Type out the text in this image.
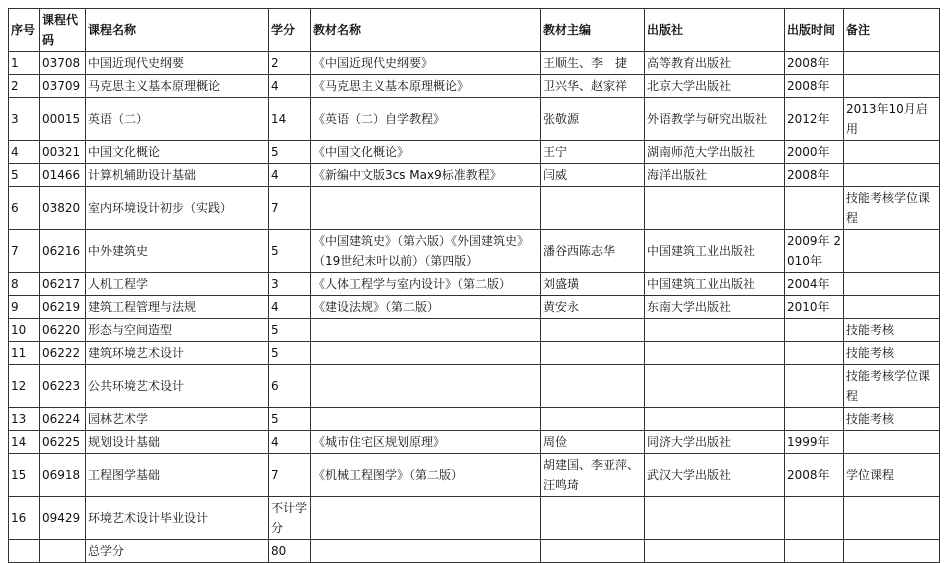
序号	课程代码	课程名称	学分	教材名称	教材主编	出版社	出版时间	备注
1	03708	中国近现代史纲要	2	《中国近现代史纲要》	王顺生、李　捷	高等教育出版社	2008年	
2	03709	马克思主义基本原理概论	4	《马克思主义基本原理概论》	卫兴华、赵家祥	北京大学出版社	2008年	
3	00015	英语（二）	14	《英语（二）自学教程》	张敬源	外语教学与研究出版社	2012年	2013年10月启用
4	00321	中国文化概论	5	《中国文化概论》	王宁	湖南师范大学出版社	2000年	
5	01466	计算机辅助设计基础	4	《新编中文版3cs Max9标准教程》	闫威	海洋出版社	2008年	
6	03820	室内环境设计初步（实践）	7					技能考核学位课程
7	06216	中外建筑史	5	《中国建筑史》（第六版）《外国建筑史》（19世纪末叶以前）（第四版）	潘谷西陈志华	中国建筑工业出版社	2009年 2010年	
8	06217	人机工程学	3	《人体工程学与室内设计》（第二版）	刘盛璜	中国建筑工业出版社	2004年	
9	06219	建筑工程管理与法规	4	《建设法规》（第二版）	黄安永	东南大学出版社	2010年	
10	06220	形态与空间造型	5					技能考核
11	06222	建筑环境艺术设计	5					技能考核
12	06223	公共环境艺术设计	6					技能考核学位课程
13	06224	园林艺术学	5					技能考核
14	06225	规划设计基础	4	《城市住宅区规划原理》	周俭	同济大学出版社	1999年	
15	06918	工程图学基础	7	《机械工程图学》（第二版）	胡建国、李亚萍、汪鸣琦	武汉大学出版社	2008年	学位课程
16	09429	环境艺术设计毕业设计	不计学分					
		总学分	80					
